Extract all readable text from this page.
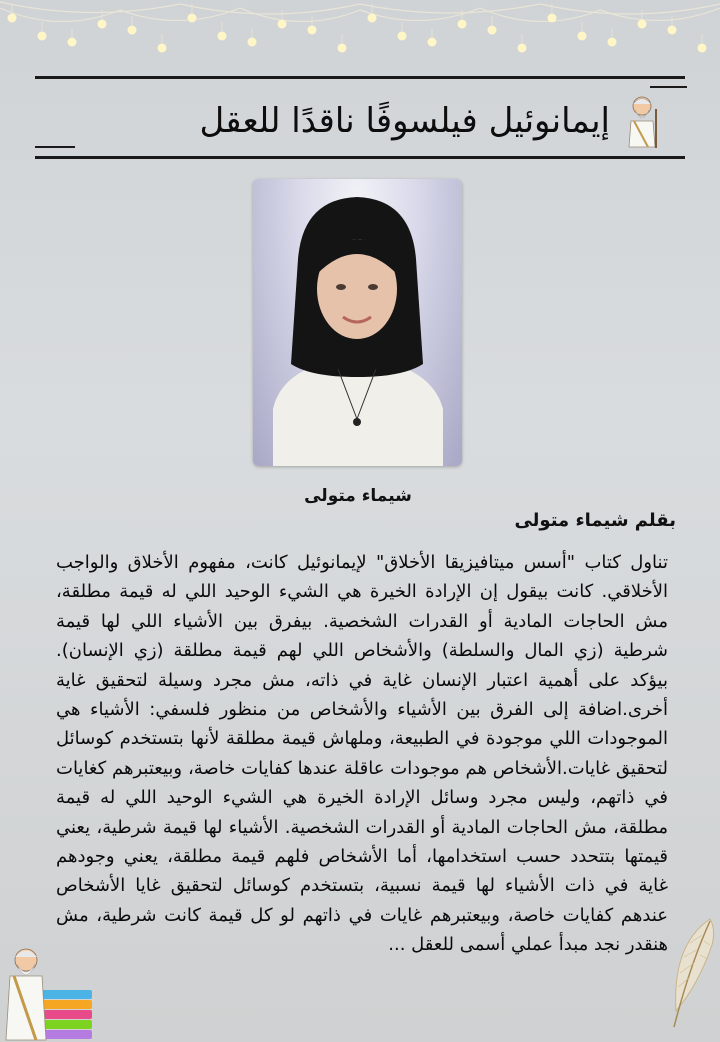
إيمانوئيل فيلسوفًا ناقدًا للعقل
شيماء متولى
بقلم شيماء متولى
تناول كتاب "أسس ميتافيزيقا الأخلاق" لإيمانوئيل كانت، مفهوم الأخلاق والواجب الأخلاقي. كانت بيقول إن الإرادة الخيرة هي الشيء الوحيد اللي له قيمة مطلقة، مش الحاجات المادية أو القدرات الشخصية. بيفرق بين الأشياء اللي لها قيمة شرطية (زي المال والسلطة) والأشخاص اللي لهم قيمة مطلقة (زي الإنسان). بيؤكد على أهمية اعتبار الإنسان غاية في ذاته، مش مجرد وسيلة لتحقيق غاية أخرى.اضافة إلى الفرق بين الأشياء والأشخاص من منظور فلسفي: الأشياء هي الموجودات اللي موجودة في الطبيعة، وملهاش قيمة مطلقة لأنها بتستخدم كوسائل لتحقيق غايات.الأشخاص هم موجودات عاقلة عندها كفايات خاصة، وبيعتبرهم كغايات في ذاتهم، وليس مجرد وسائل الإرادة الخيرة هي الشيء الوحيد اللي له قيمة مطلقة، مش الحاجات المادية أو القدرات الشخصية. الأشياء لها قيمة شرطية، يعني قيمتها بتتحدد حسب استخدامها، أما الأشخاص فلهم قيمة مطلقة، يعني وجودهم غاية في ذات الأشياء لها قيمة نسبية، بتستخدم كوسائل لتحقيق غايا الأشخاص عندهم كفايات خاصة، وبيعتبرهم غايات في ذاتهم لو كل قيمة كانت شرطية، مش هنقدر نجد مبدأ عملي أسمى للعقل ...
